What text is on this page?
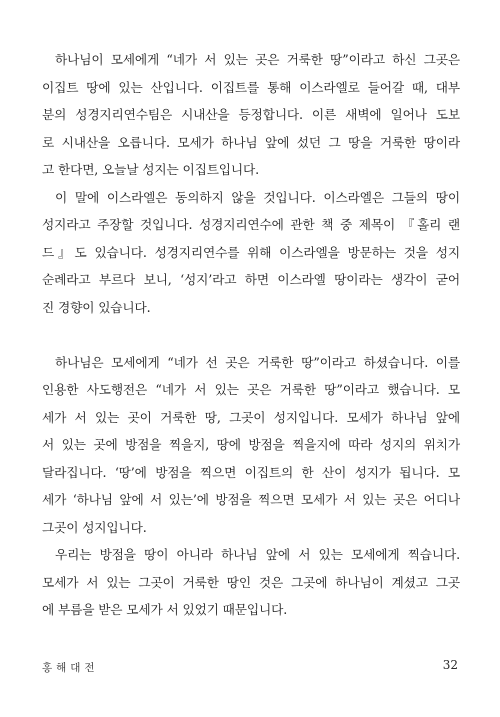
하나님이 모세에게 “네가 서 있는 곳은 거룩한 땅”이라고 하신 그곳은
이집트 땅에 있는 산입니다. 이집트를 통해 이스라엘로 들어갈 때, 대부
분의 성경지리연수팀은 시내산을 등정합니다. 이른 새벽에 일어나 도보
로 시내산을 오릅니다. 모세가 하나님 앞에 섰던 그 땅을 거룩한 땅이라
고 한다면, 오늘날 성지는 이집트입니다.
이 말에 이스라엘은 동의하지 않을 것입니다. 이스라엘은 그들의 땅이
성지라고 주장할 것입니다. 성경지리연수에 관한 책 중 제목이 『홀리 랜
드』도 있습니다. 성경지리연수를 위해 이스라엘을 방문하는 것을 성지
순례라고 부르다 보니, ‘성지’라고 하면 이스라엘 땅이라는 생각이 굳어
진 경향이 있습니다.
하나님은 모세에게 “네가 선 곳은 거룩한 땅”이라고 하셨습니다. 이를
인용한 사도행전은 “네가 서 있는 곳은 거룩한 땅”이라고 했습니다. 모
세가 서 있는 곳이 거룩한 땅, 그곳이 성지입니다. 모세가 하나님 앞에
서 있는 곳에 방점을 찍을지, 땅에 방점을 찍을지에 따라 성지의 위치가
달라집니다. ‘땅’에 방점을 찍으면 이집트의 한 산이 성지가 됩니다. 모
세가 ‘하나님 앞에 서 있는’에 방점을 찍으면 모세가 서 있는 곳은 어디나
그곳이 성지입니다.
우리는 방점을 땅이 아니라 하나님 앞에 서 있는 모세에게 찍습니다.
모세가 서 있는 그곳이 거룩한 땅인 것은 그곳에 하나님이 계셨고 그곳
에 부름을 받은 모세가 서 있었기 때문입니다.
홍해대전	32
